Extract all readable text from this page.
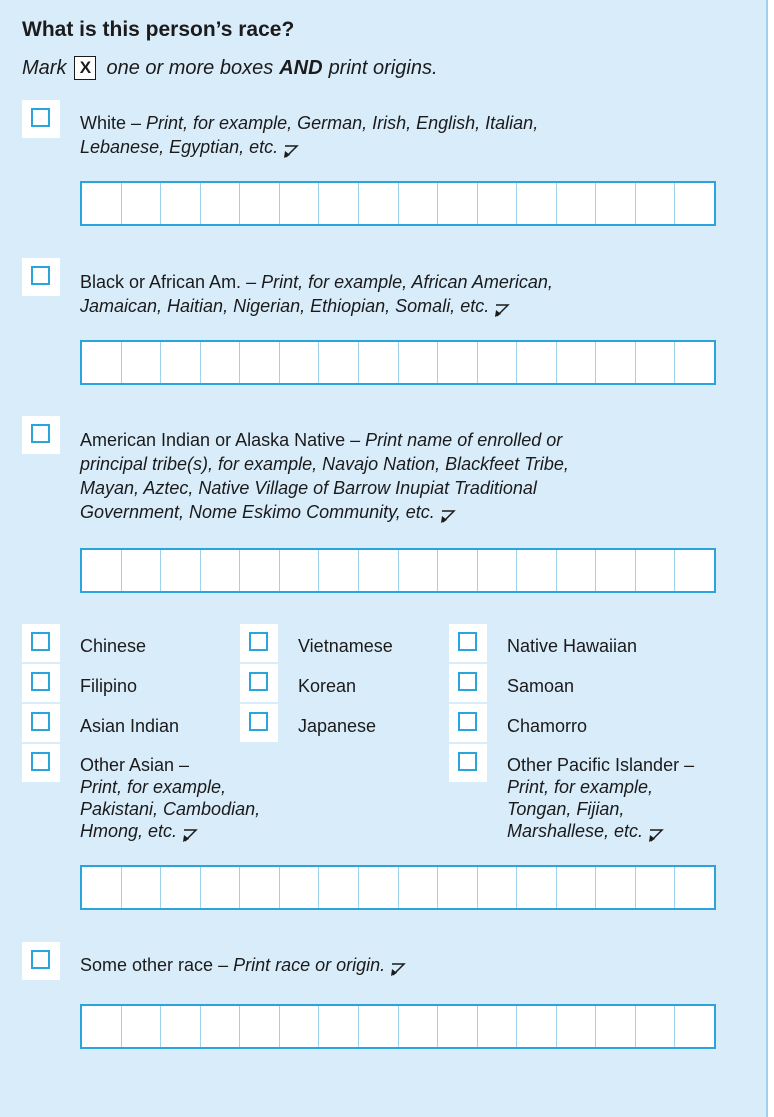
What is this person’s race?
Mark X one or more boxes AND print origins.
White – Print, for example, German, Irish, English, Italian,
Lebanese, Egyptian, etc.
Black or African Am. – Print, for example, African American,
Jamaican, Haitian, Nigerian, Ethiopian, Somali, etc.
American Indian or Alaska Native – Print name of enrolled or
principal tribe(s), for example, Navajo Nation, Blackfeet Tribe,
Mayan, Aztec, Native Village of Barrow Inupiat Traditional
Government, Nome Eskimo Community, etc.
Chinese	Vietnamese	Native Hawaiian
Filipino	Korean	Samoan
Asian Indian	Japanese	Chamorro
Other Asian –
Print, for example,
Pakistani, Cambodian,
Hmong, etc.
Other Pacific Islander –
Print, for example,
Tongan, Fijian,
Marshallese, etc.
Some other race – Print race or origin.
